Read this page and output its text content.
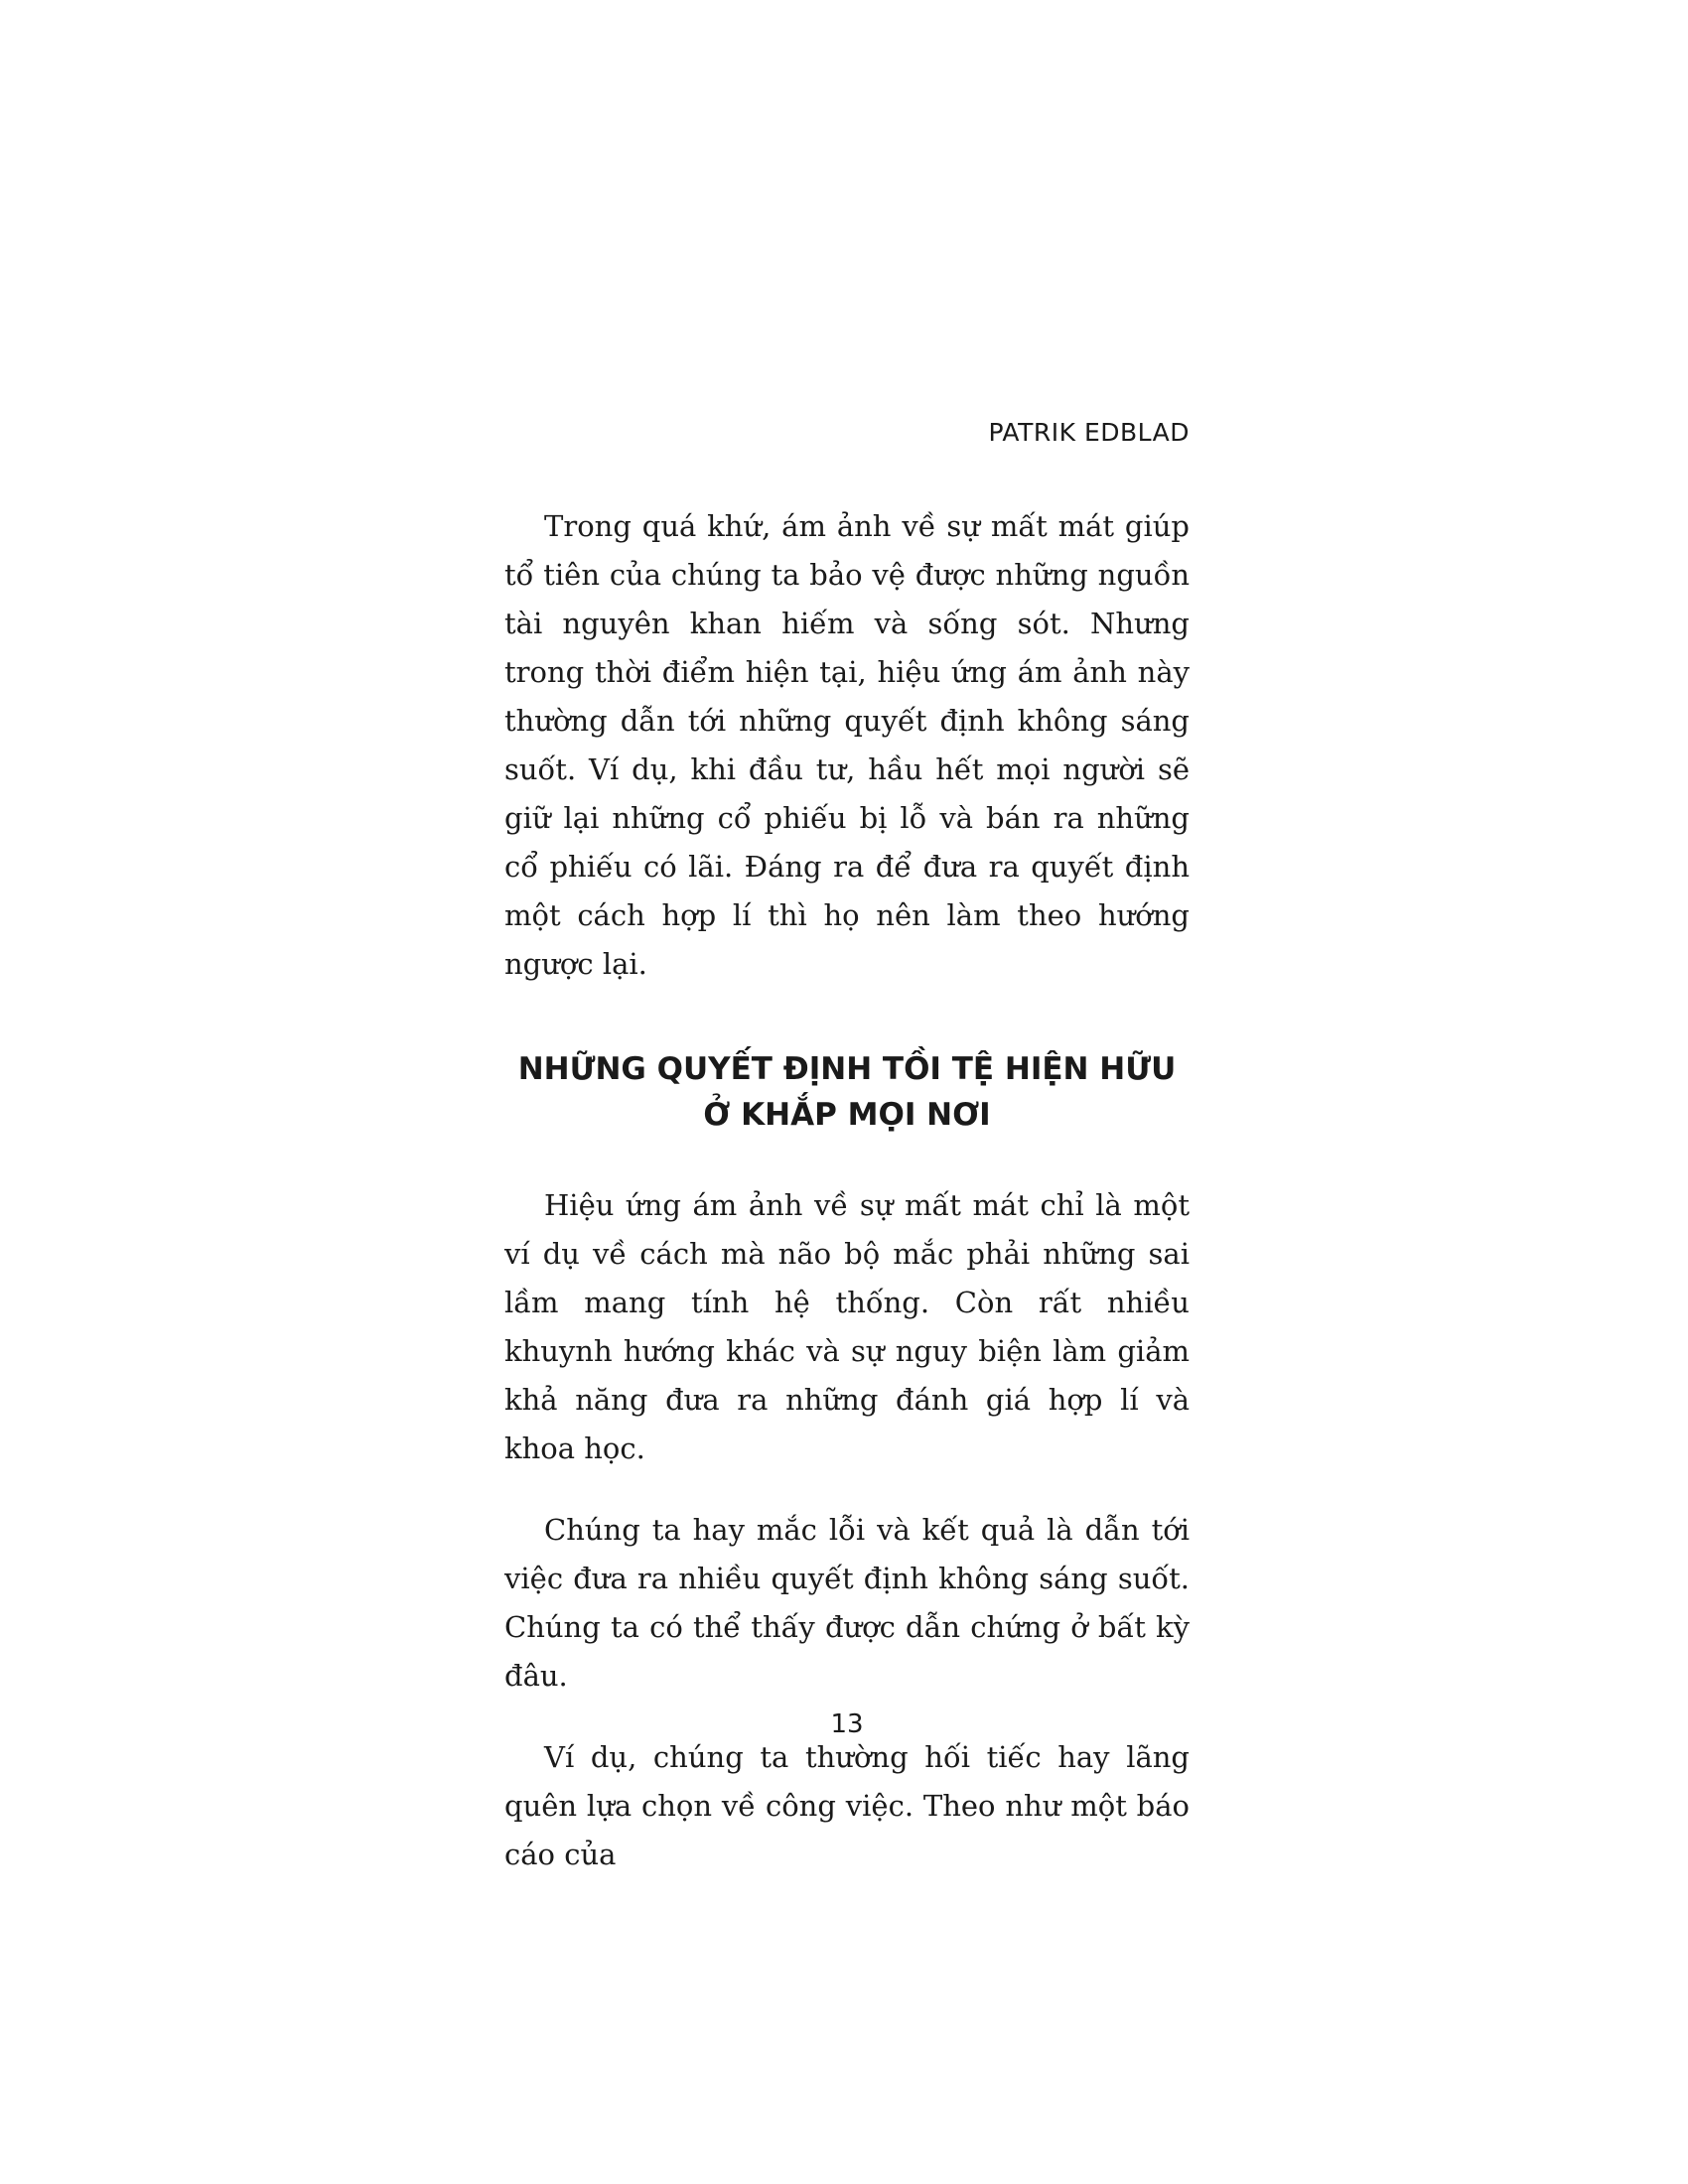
PATRIK EDBLAD

Trong quá khứ, ám ảnh về sự mất mát giúp tổ tiên của chúng ta bảo vệ được những nguồn tài nguyên khan hiếm và sống sót. Nhưng trong thời điểm hiện tại, hiệu ứng ám ảnh này thường dẫn tới những quyết định không sáng suốt. Ví dụ, khi đầu tư, hầu hết mọi người sẽ giữ lại những cổ phiếu bị lỗ và bán ra những cổ phiếu có lãi. Đáng ra để đưa ra quyết định một cách hợp lí thì họ nên làm theo hướng ngược lại.

NHỮNG QUYẾT ĐỊNH TỒI TỆ HIỆN HỮU
Ở KHẮP MỌI NƠI

Hiệu ứng ám ảnh về sự mất mát chỉ là một ví dụ về cách mà não bộ mắc phải những sai lầm mang tính hệ thống. Còn rất nhiều khuynh hướng khác và sự nguy biện làm giảm khả năng đưa ra những đánh giá hợp lí và khoa học.

Chúng ta hay mắc lỗi và kết quả là dẫn tới việc đưa ra nhiều quyết định không sáng suốt. Chúng ta có thể thấy được dẫn chứng ở bất kỳ đâu.

Ví dụ, chúng ta thường hối tiếc hay lãng quên lựa chọn về công việc. Theo như một báo cáo của

13
